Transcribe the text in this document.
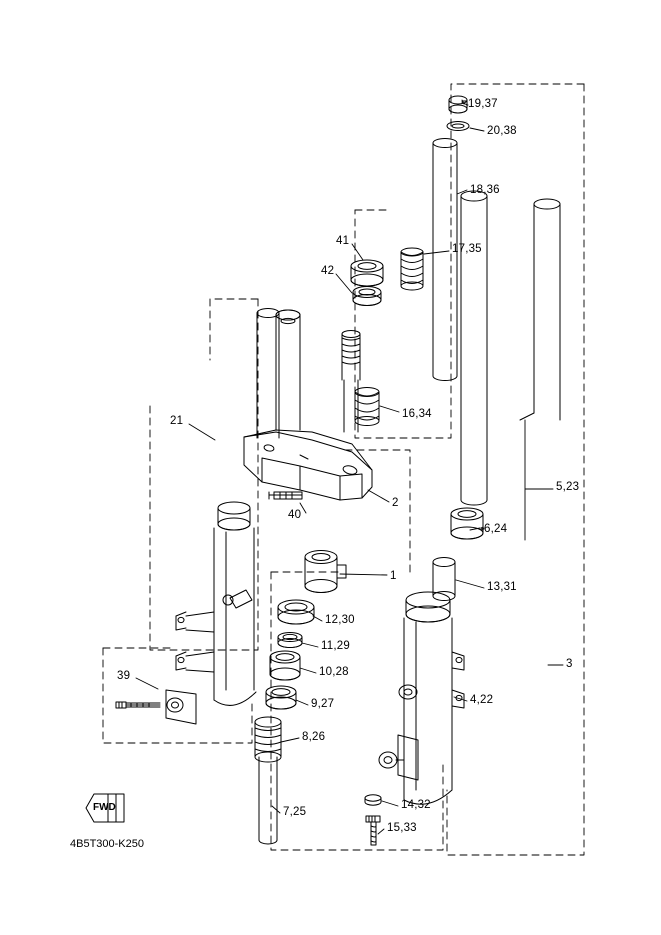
19,37
20,38
18,36
41
17,35
42
16,34
21
5,23
2
40
6,24
1
13,31
12,30
11,29
39
3
10,28
9,27	4,22
8,26
7,25
14,32
15,33
FWD
4B5T300-K250
